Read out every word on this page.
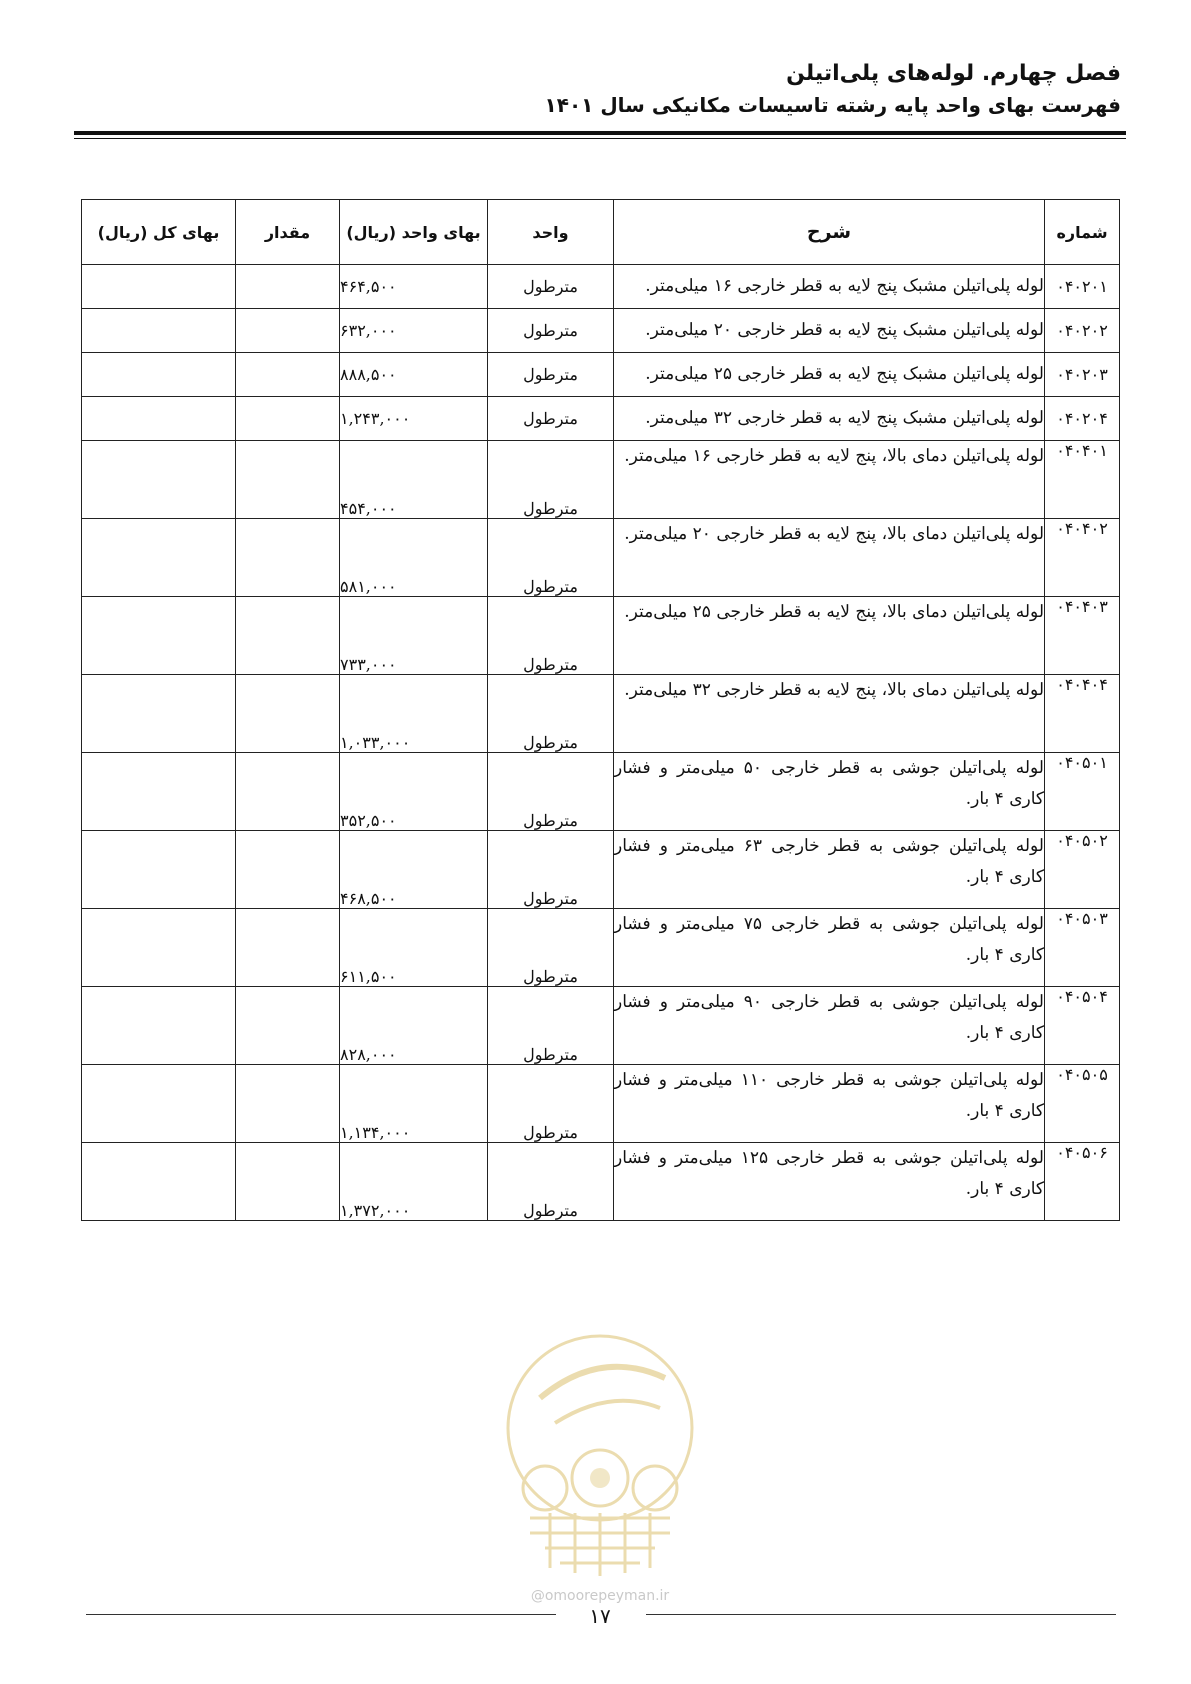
فصل چهارم. لوله‌های پلی‌اتیلن
فهرست بهای واحد پایه رشته تاسیسات مکانیکی سال ۱۴۰۱
شماره	شرح	واحد	بهای واحد (ریال)	مقدار	بهای کل (ریال)
۰۴۰۲۰۱	لوله پلی‌اتیلن مشبک پنج لایه به قطر خارجی ۱۶ میلی‌متر.	مترطول	۴۶۴,۵۰۰		
۰۴۰۲۰۲	لوله پلی‌اتیلن مشبک پنج لایه به قطر خارجی ۲۰ میلی‌متر.	مترطول	۶۳۲,۰۰۰		
۰۴۰۲۰۳	لوله پلی‌اتیلن مشبک پنج لایه به قطر خارجی ۲۵ میلی‌متر.	مترطول	۸۸۸,۵۰۰		
۰۴۰۲۰۴	لوله پلی‌اتیلن مشبک پنج لایه به قطر خارجی ۳۲ میلی‌متر.	مترطول	۱,۲۴۳,۰۰۰		
۰۴۰۴۰۱	لوله پلی‌اتیلن دمای بالا، پنج لایه به قطر خارجی ۱۶ میلی‌متر.	مترطول	۴۵۴,۰۰۰		
۰۴۰۴۰۲	لوله پلی‌اتیلن دمای بالا، پنج لایه به قطر خارجی ۲۰ میلی‌متر.	مترطول	۵۸۱,۰۰۰		
۰۴۰۴۰۳	لوله پلی‌اتیلن دمای بالا، پنج لایه به قطر خارجی ۲۵ میلی‌متر.	مترطول	۷۳۳,۰۰۰		
۰۴۰۴۰۴	لوله پلی‌اتیلن دمای بالا، پنج لایه به قطر خارجی ۳۲ میلی‌متر.	مترطول	۱,۰۳۳,۰۰۰		
۰۴۰۵۰۱	لوله پلی‌اتیلن جوشی به قطر خارجی ۵۰ میلی‌متر و فشار کاری ۴ بار.	مترطول	۳۵۲,۵۰۰		
۰۴۰۵۰۲	لوله پلی‌اتیلن جوشی به قطر خارجی ۶۳ میلی‌متر و فشار کاری ۴ بار.	مترطول	۴۶۸,۵۰۰		
۰۴۰۵۰۳	لوله پلی‌اتیلن جوشی به قطر خارجی ۷۵ میلی‌متر و فشار کاری ۴ بار.	مترطول	۶۱۱,۵۰۰		
۰۴۰۵۰۴	لوله پلی‌اتیلن جوشی به قطر خارجی ۹۰ میلی‌متر و فشار کاری ۴ بار.	مترطول	۸۲۸,۰۰۰		
۰۴۰۵۰۵	لوله پلی‌اتیلن جوشی به قطر خارجی ۱۱۰ میلی‌متر و فشار کاری ۴ بار.	مترطول	۱,۱۳۴,۰۰۰		
۰۴۰۵۰۶	لوله پلی‌اتیلن جوشی به قطر خارجی ۱۲۵ میلی‌متر و فشار کاری ۴ بار.	مترطول	۱,۳۷۲,۰۰۰		
@omoorepeyman.ir
۱۷
